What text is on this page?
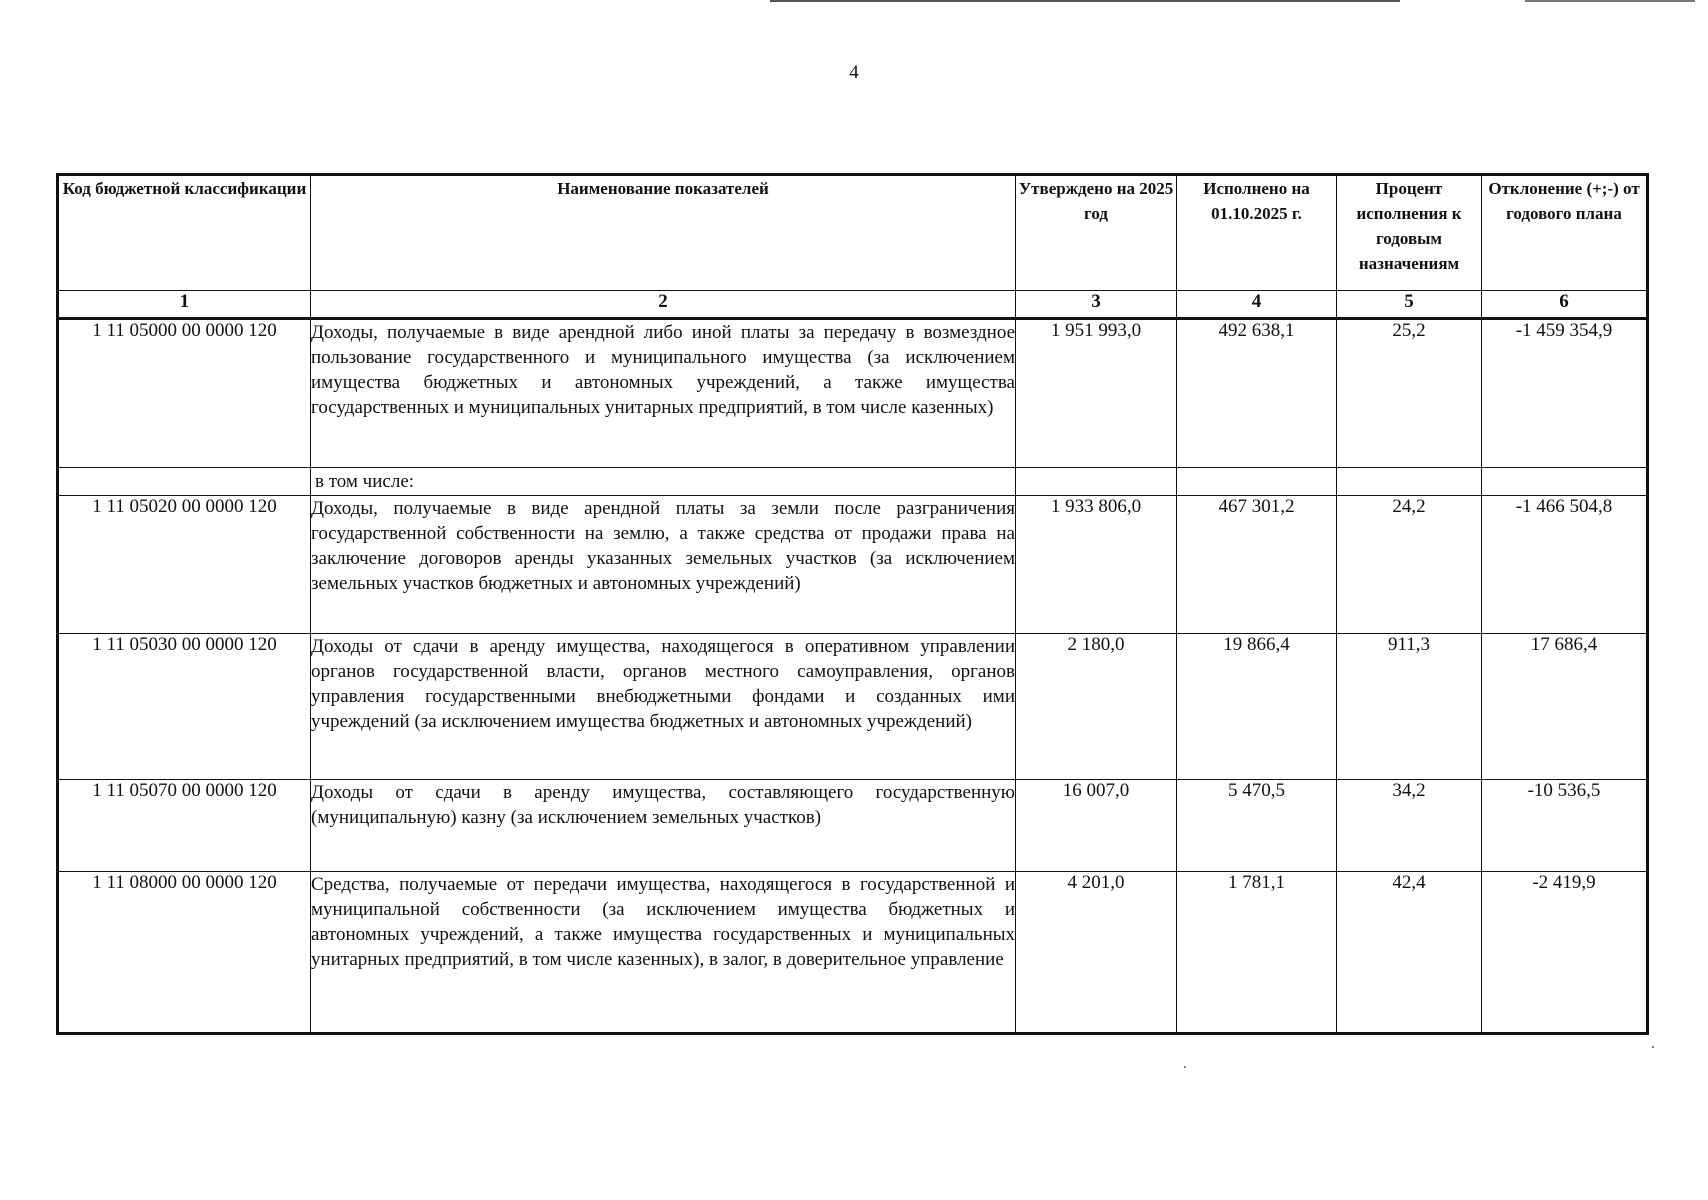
4
Код бюджетной классификации	Наименование показателей	Утверждено на 2025 год	Исполнено на 01.10.2025 г.	Процент исполнения к годовым назначениям	Отклонение (+;-) от годового плана
1	2	3	4	5	6
1 11 05000 00 0000 120	Доходы, получаемые в виде арендной либо иной платы за передачу в возмездное пользование государственного и муниципального имущества (за исключением имущества бюджетных и автономных учреждений, а также имущества государственных и муниципальных унитарных предприятий, в том числе казенных)	1 951 993,0	492 638,1	25,2	-1 459 354,9
	в том числе:				
1 11 05020 00 0000 120	Доходы, получаемые в виде арендной платы за земли после разграничения государственной собственности на землю, а также средства от продажи права на заключение договоров аренды указанных земельных участков (за исключением земельных участков бюджетных и автономных учреждений)	1 933 806,0	467 301,2	24,2	-1 466 504,8
1 11 05030 00 0000 120	Доходы от сдачи в аренду имущества, находящегося в оперативном управлении органов государственной власти, органов местного самоуправления, органов управления государственными внебюджетными фондами и созданных ими учреждений (за исключением имущества бюджетных и автономных учреждений)	2 180,0	19 866,4	911,3	17 686,4
1 11 05070 00 0000 120	Доходы от сдачи в аренду имущества, составляющего государственную (муниципальную) казну (за исключением земельных участков)	16 007,0	5 470,5	34,2	-10 536,5
1 11 08000 00 0000 120	Средства, получаемые от передачи имущества, находящегося в государственной и муниципальной собственности (за исключением имущества бюджетных и автономных учреждений, а также имущества государственных и муниципальных унитарных предприятий, в том числе казенных), в залог, в доверительное управление	4 201,0	1 781,1	42,4	-2 419,9
